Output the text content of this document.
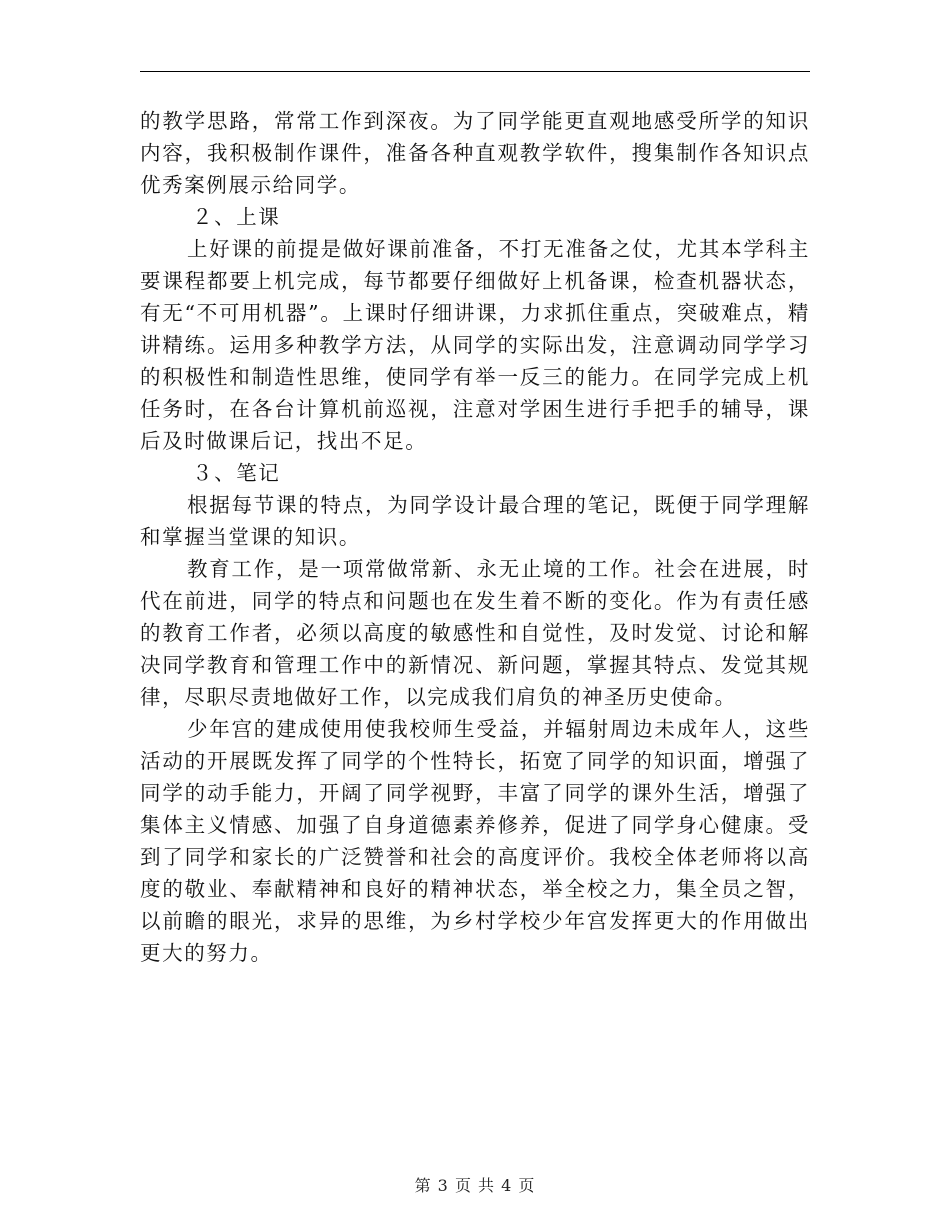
的教学思路，常常工作到深夜。为了同学能更直观地感受所学的知识内容，我积极制作课件，准备各种直观教学软件，搜集制作各知识点优秀案例展示给同学。

２、上课

上好课的前提是做好课前准备，不打无准备之仗，尤其本学科主要课程都要上机完成，每节都要仔细做好上机备课，检查机器状态，有无“不可用机器”。上课时仔细讲课，力求抓住重点，突破难点，精讲精练。运用多种教学方法，从同学的实际出发，注意调动同学学习的积极性和制造性思维，使同学有举一反三的能力。在同学完成上机任务时，在各台计算机前巡视，注意对学困生进行手把手的辅导，课后及时做课后记，找出不足。

３、笔记

根据每节课的特点，为同学设计最合理的笔记，既便于同学理解和掌握当堂课的知识。

教育工作，是一项常做常新、永无止境的工作。社会在进展，时代在前进，同学的特点和问题也在发生着不断的变化。作为有责任感的教育工作者，必须以高度的敏感性和自觉性，及时发觉、讨论和解决同学教育和管理工作中的新情况、新问题，掌握其特点、发觉其规律，尽职尽责地做好工作，以完成我们肩负的神圣历史使命。

少年宫的建成使用使我校师生受益，并辐射周边未成年人，这些活动的开展既发挥了同学的个性特长，拓宽了同学的知识面，增强了同学的动手能力，开阔了同学视野，丰富了同学的课外生活，增强了集体主义情感、加强了自身道德素养修养，促进了同学身心健康。受到了同学和家长的广泛赞誉和社会的高度评价。我校全体老师将以高度的敬业、奉献精神和良好的精神状态，举全校之力，集全员之智，以前瞻的眼光，求异的思维，为乡村学校少年宫发挥更大的作用做出更大的努力。

第 3 页 共 4 页
